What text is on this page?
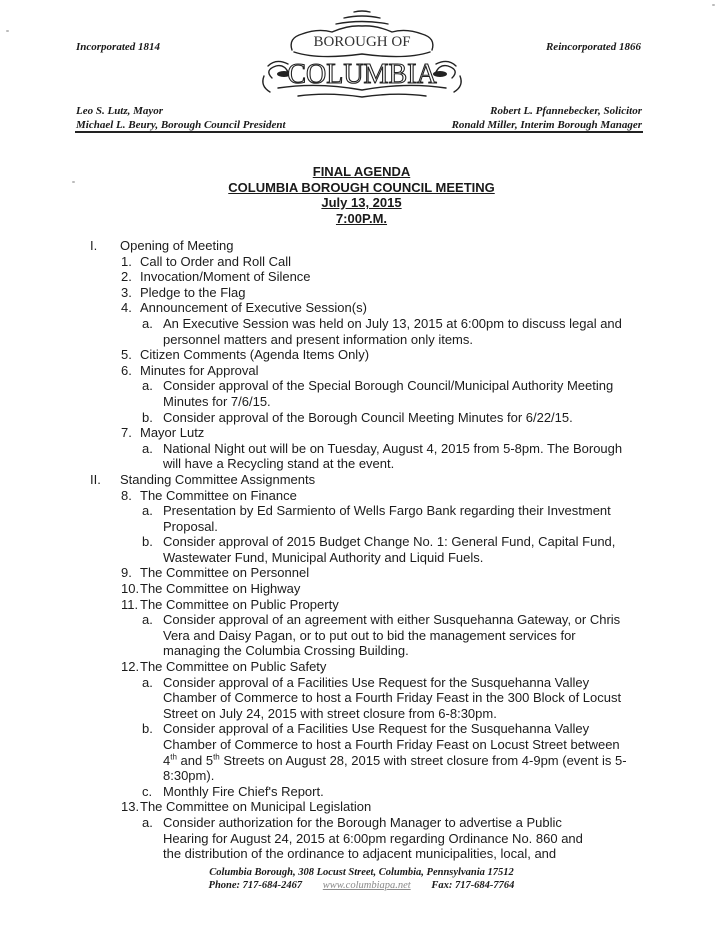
Incorporated 1814	Reincorporated 1866
BOROUGH OF
COLUMBIA
Leo S. Lutz, Mayor
Michael L. Beury, Borough Council President
Robert L. Pfannebecker, Solicitor
Ronald Miller, Interim Borough Manager
FINAL AGENDA
COLUMBIA BOROUGH COUNCIL MEETING
July 13, 2015
7:00P.M.
I. Opening of Meeting
1. Call to Order and Roll Call
2. Invocation/Moment of Silence
3. Pledge to the Flag
4. Announcement of Executive Session(s)
a. An Executive Session was held on July 13, 2015 at 6:00pm to discuss legal and
personnel matters and present information only items.
5. Citizen Comments (Agenda Items Only)
6. Minutes for Approval
a. Consider approval of the Special Borough Council/Municipal Authority Meeting
Minutes for 7/6/15.
b. Consider approval of the Borough Council Meeting Minutes for 6/22/15.
7. Mayor Lutz
a. National Night out will be on Tuesday, August 4, 2015 from 5-8pm. The Borough
will have a Recycling stand at the event.
II. Standing Committee Assignments
8. The Committee on Finance
a. Presentation by Ed Sarmiento of Wells Fargo Bank regarding their Investment
Proposal.
b. Consider approval of 2015 Budget Change No. 1: General Fund, Capital Fund,
Wastewater Fund, Municipal Authority and Liquid Fuels.
9. The Committee on Personnel
10. The Committee on Highway
11. The Committee on Public Property
a. Consider approval of an agreement with either Susquehanna Gateway, or Chris
Vera and Daisy Pagan, or to put out to bid the management services for
managing the Columbia Crossing Building.
12. The Committee on Public Safety
a. Consider approval of a Facilities Use Request for the Susquehanna Valley
Chamber of Commerce to host a Fourth Friday Feast in the 300 Block of Locust
Street on July 24, 2015 with street closure from 6-8:30pm.
b. Consider approval of a Facilities Use Request for the Susquehanna Valley
Chamber of Commerce to host a Fourth Friday Feast on Locust Street between
4th and 5th Streets on August 28, 2015 with street closure from 4-9pm (event is 5-
8:30pm).
c. Monthly Fire Chief's Report.
13. The Committee on Municipal Legislation
a. Consider authorization for the Borough Manager to advertise a Public
Hearing for August 24, 2015 at 6:00pm regarding Ordinance No. 860 and
the distribution of the ordinance to adjacent municipalities, local, and
Columbia Borough, 308 Locust Street, Columbia, Pennsylvania 17512
Phone: 717-684-2467 www.columbiapa.net Fax: 717-684-7764
